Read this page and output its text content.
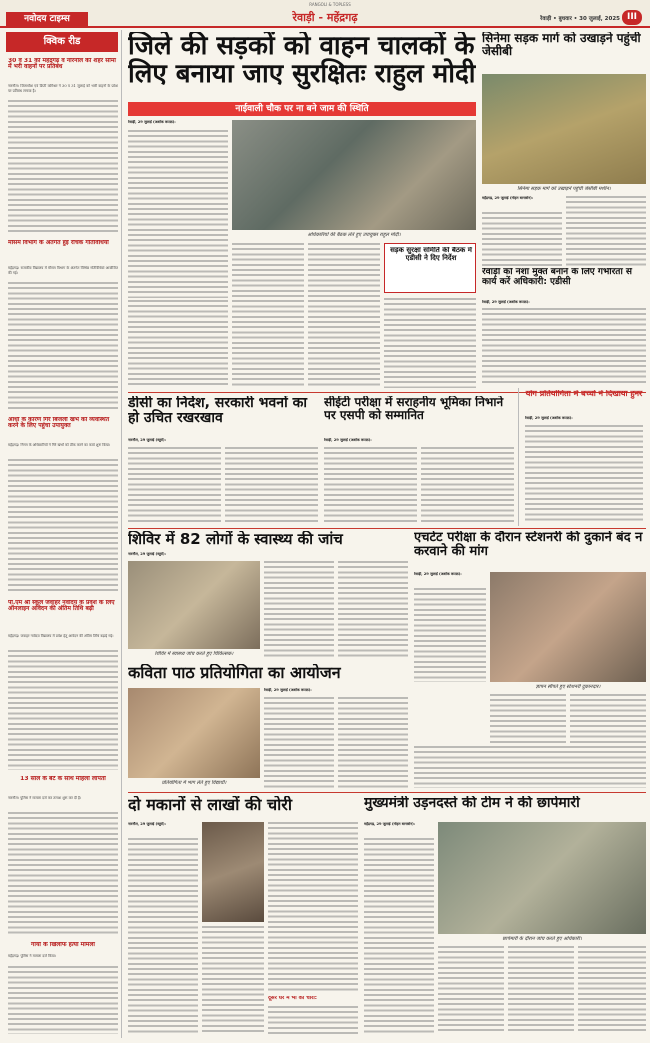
नवोदय टाइम्स
RANGOLI & TOPLESS
रेवाड़ी - महेंद्रगढ़	रेवाड़ी • बुधवार • 30 जुलाई, 2025 III
क्विक रीड
30 व 31 को महेंद्रगढ़ व नारनौल की शहर सीमा में भरी वाहनों पर प्रतिबंध
नारनौल। जिलाधीश एवं डिप्टी कमिश्नर ने 30 व 31 जुलाई को भारी वाहनों के प्रवेश पर प्रतिबंध लगाया है।
मौसम विभाग के अंतर्गत हुई रोचक गतिविधियां
महेंद्रगढ़। राजकीय विद्यालय में मौसम विभाग के अंतर्गत विभिन्न गतिविधियां आयोजित की गई।
आंधी के कारण गिरे बिजली खंभे को व्यवस्थित करने के लिए पहुंचा उपायुक्त
महेंद्रगढ़। निगम के अधिकारियों ने गिरे खंभों को ठीक करने का कार्य शुरू किया।
पी.एम श्री स्कूल जवाहर नवोदय के प्रवेश के लिए ऑनलाइन आवेदन की अंतिम तिथि बढ़ी
महेंद्रगढ़। जवाहर नवोदय विद्यालय में प्रवेश हेतु आवेदन की अंतिम तिथि बढ़ाई गई।
13 साल के बेटे के साथ महिला लापता
नारनौल। पुलिस ने मामला दर्ज कर तलाश शुरू कर दी है।
गायों के खिलाफ हत्या मामला
महेंद्रगढ़। पुलिस ने मामला दर्ज किया।
जिले की सड़कों को वाहन चालकों के लिए बनाया जाए सुरक्षितः राहुल मोदी
नाईवाली चौक पर ना बने जाम की स्थिति
रेवाड़ी, 29 जुलाई (अशोक कपाठ):
अधिकारियों की बैठक लेते हुए उपायुक्त राहुल मोदी।
सड़क सुरक्षा समिति की बैठक में एडीसी ने दिए निर्देश
सिनेमा सड़क मार्ग को उखाड़ने पहुंची जेसीबी
सिनेमा सड़क मार्ग को उखाड़ने पहुंची जेसीबी मशीन।
महेंद्रगढ़, 29 जुलाई (मोहन बानासेन):
रेवाड़ी को नशा मुक्त बनाने के लिए गंभीरता से कार्य करें अधिकारी: एडीसी
रेवाड़ी, 29 जुलाई (अशोक कपाठ):
डीसी का निर्देश, सरकारी भवनों का हो उचित रखरखाव
नारनौल, 29 जुलाई (ब्यूरो):
सीईटी परीक्षा में सराहनीय भूमिका निभाने पर एसपी को सम्मानित
रेवाड़ी, 29 जुलाई (अशोक कपाठ):
योग प्रतियोगिता में बच्चों ने दिखाया हुनर
रेवाड़ी, 29 जुलाई (अशोक कपाठ):
शिविर में 82 लोगों के स्वास्थ्य की जांच
नारनौल, 29 जुलाई (ब्यूरो):
शिविर में स्वास्थ्य जांच करते हुए चिकित्सक।
एचटेट परीक्षा के दौरान स्टेशनरी की दुकानें बंद न करवाने की मांग
रेवाड़ी, 29 जुलाई (अशोक कपाठ):
ज्ञापन सौंपते हुए स्टेशनरी दुकानदार।
कविता पाठ प्रतियोगिता का आयोजन
प्रतियोगिता में भाग लेते हुए विद्यार्थी।
रेवाड़ी, 29 जुलाई (अशोक कपाठ):
दो मकानों से लाखों की चोरी
नारनौल, 29 जुलाई (ब्यूरो):
दूसरे घर में भी की चोरी:
मुख्यमंत्री उड़नदस्ते की टीम ने की छापेमारी
महेंद्रगढ़, 29 जुलाई (मोहन बानासेन):
छापेमारी के दौरान जांच करते हुए अधिकारी।
